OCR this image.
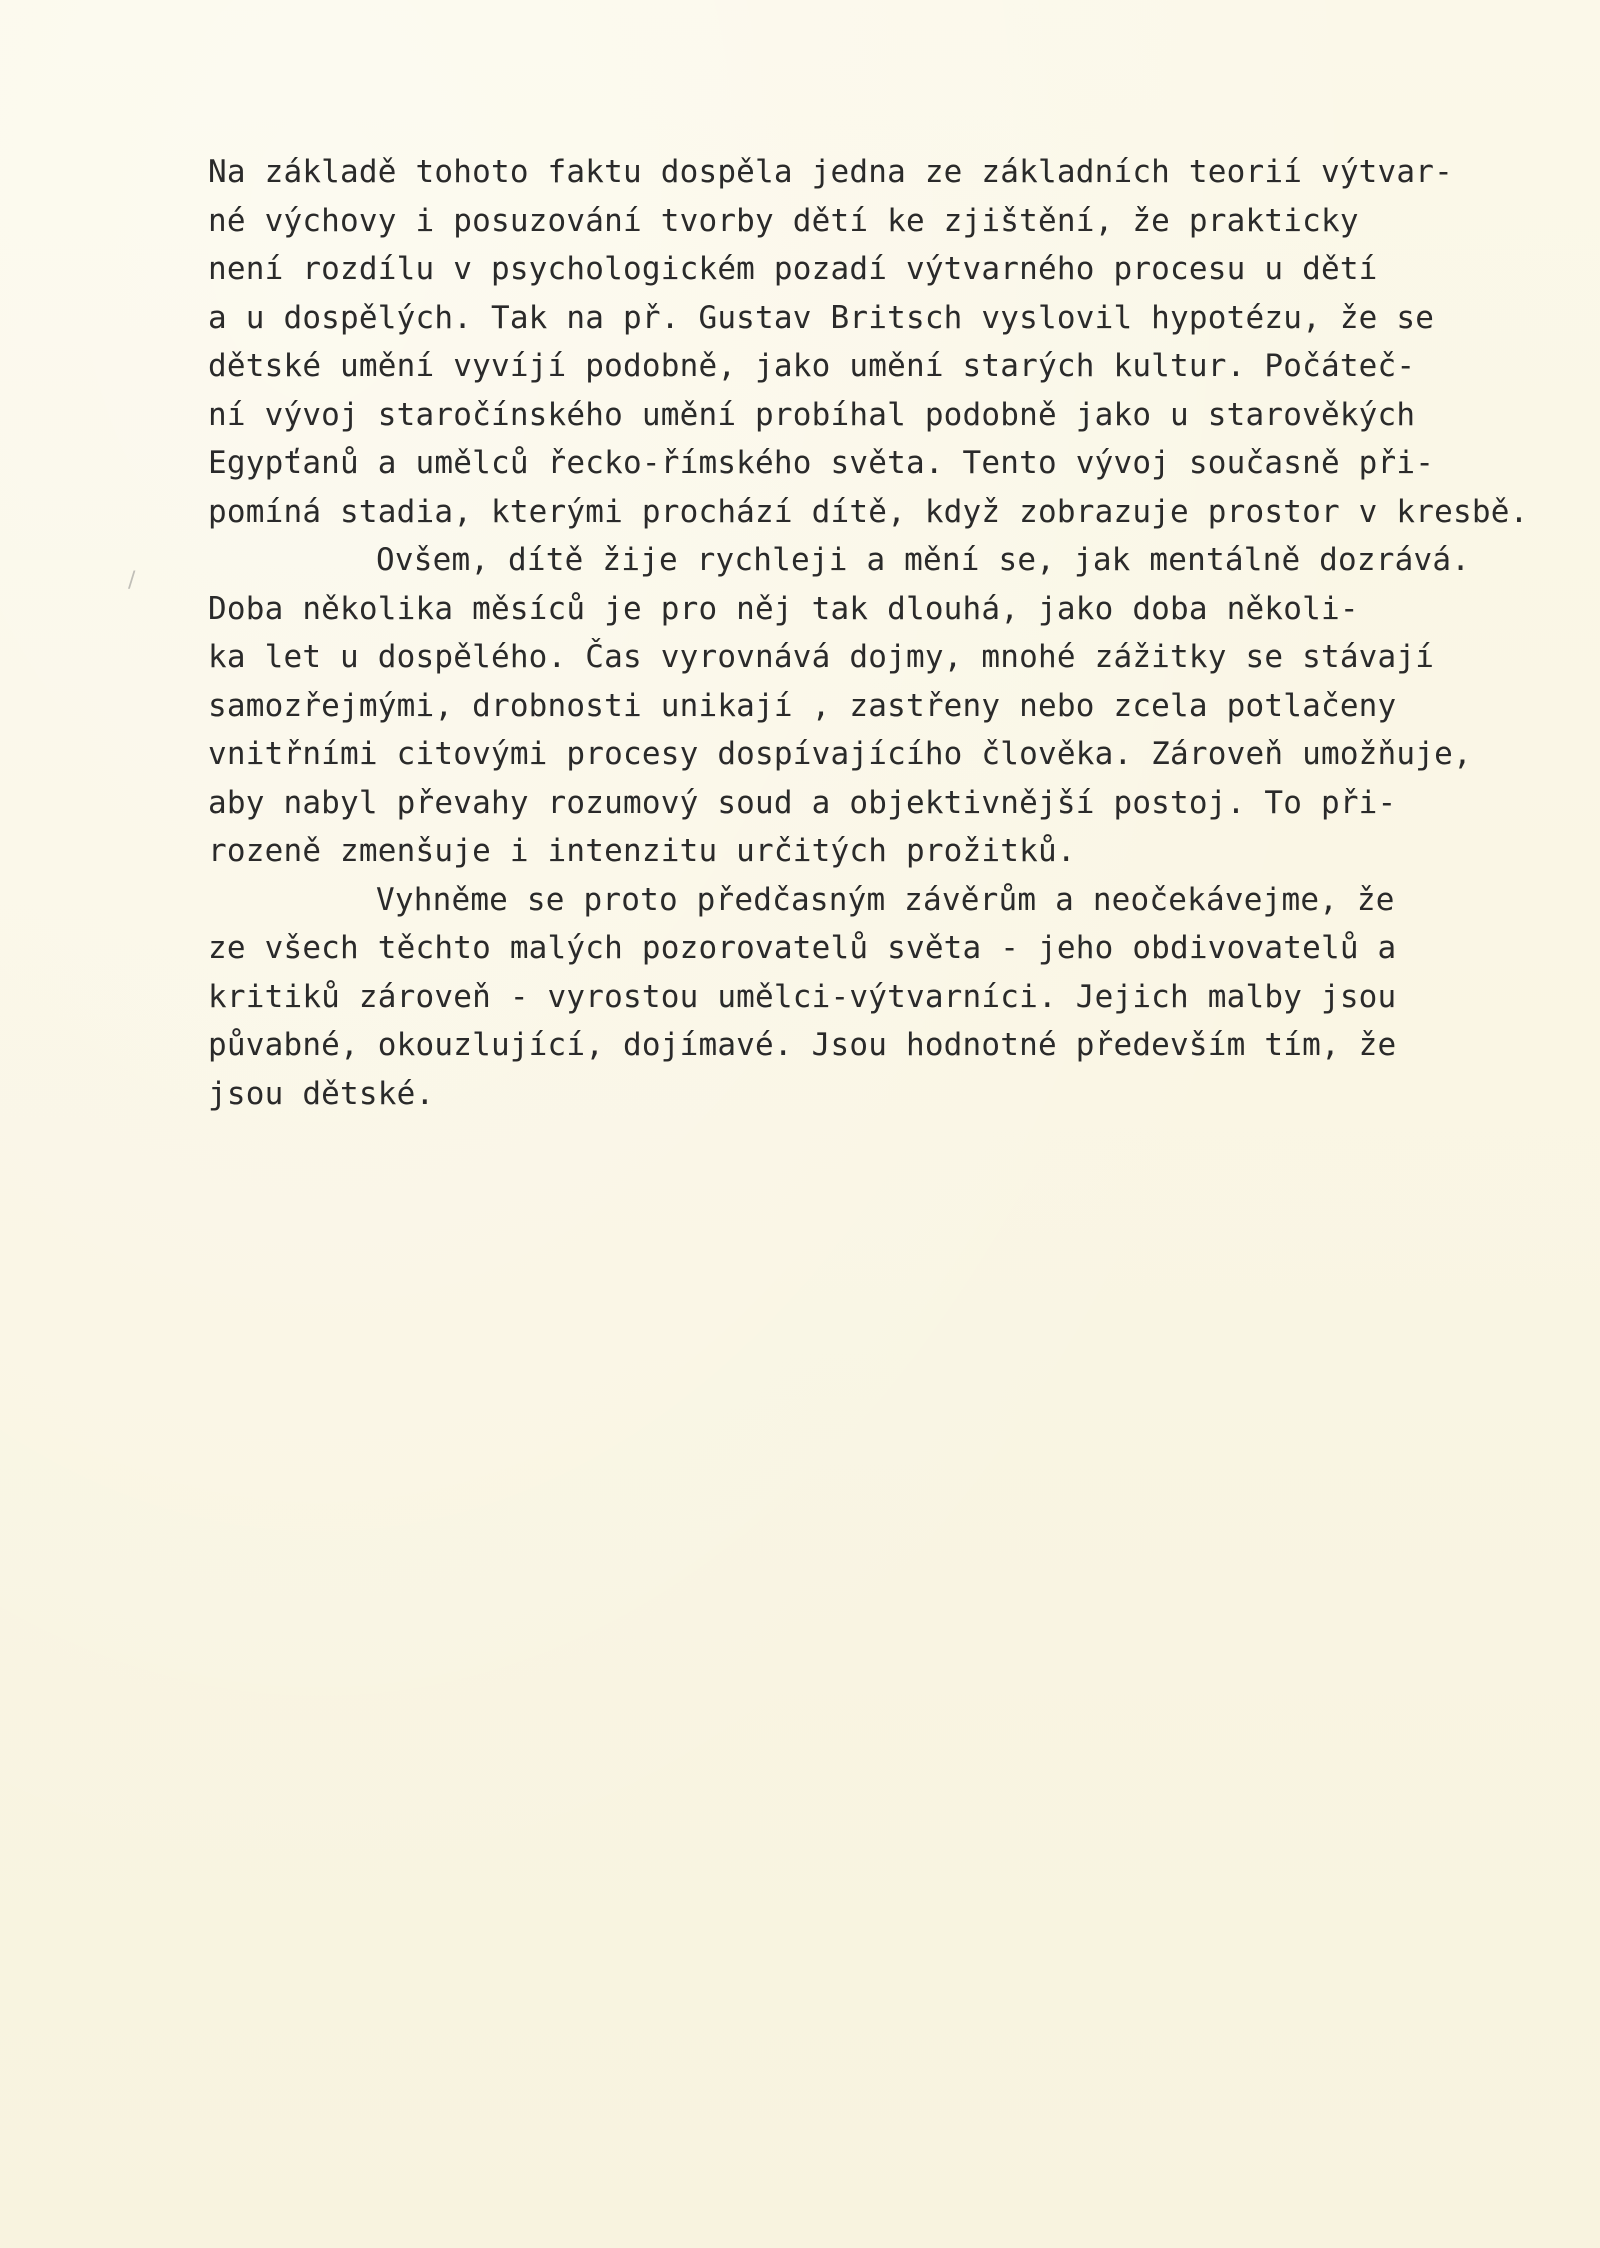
/
Na základě tohoto faktu dospěla jedna ze základních teorií výtvar-
né výchovy i posuzování tvorby dětí ke zjištění, že prakticky
není rozdílu v psychologickém pozadí výtvarného procesu u dětí
a u dospělých. Tak na př. Gustav Britsch vyslovil hypotézu, že se
dětské umění vyvíjí podobně, jako umění starých kultur. Počáteč-
ní vývoj staročínského umění probíhal podobně jako u starověkých
Egypťanů a umělců řecko-římského světa. Tento vývoj současně při-
pomíná stadia, kterými prochází dítě, když zobrazuje prostor v kresbě.
Ovšem, dítě žije rychleji a mění se, jak mentálně dozrává.
Doba několika měsíců je pro něj tak dlouhá, jako doba několi-
ka let u dospělého. Čas vyrovnává dojmy, mnohé zážitky se stávají
samozřejmými, drobnosti unikají , zastřeny nebo zcela potlačeny
vnitřními citovými procesy dospívajícího člověka. Zároveň umožňuje,
aby nabyl převahy rozumový soud a objektivnější postoj. To při-
rozeně zmenšuje i intenzitu určitých prožitků.
Vyhněme se proto předčasným závěrům a neočekávejme, že
ze všech těchto malých pozorovatelů světa - jeho obdivovatelů a
kritiků zároveň - vyrostou umělci-výtvarníci. Jejich malby jsou
půvabné, okouzlující, dojímavé. Jsou hodnotné především tím, že
jsou dětské.
